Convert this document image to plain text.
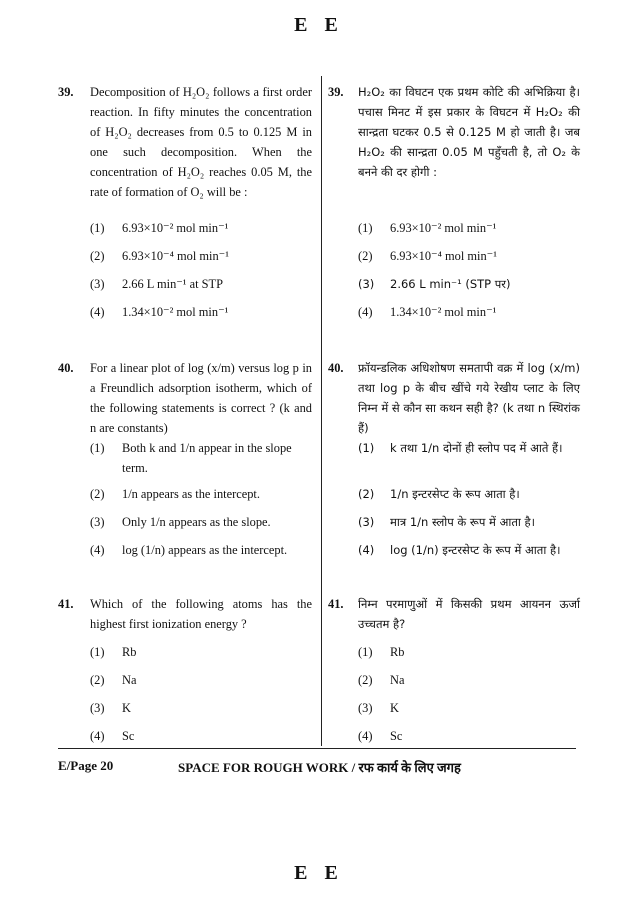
E E
39. Decomposition of H₂O₂ follows a first order reaction. In fifty minutes the concentration of H₂O₂ decreases from 0.5 to 0.125 M in one such decomposition. When the concentration of H₂O₂ reaches 0.05 M, the rate of formation of O₂ will be :
(1) 6.93×10⁻² mol min⁻¹
(2) 6.93×10⁻⁴ mol min⁻¹
(3) 2.66 L min⁻¹ at STP
(4) 1.34×10⁻² mol min⁻¹
39. H₂O₂ का विघटन एक प्रथम कोटि की अभिक्रिया है। पचास मिनट में इस प्रकार के विघटन में H₂O₂ की सान्द्रता घटकर 0.5 से 0.125 M हो जाती है। जब H₂O₂ की सान्द्रता 0.05 M पहुँचती है, तो O₂ के बनने की दर होगी :
(1) 6.93×10⁻² mol min⁻¹
(2) 6.93×10⁻⁴ mol min⁻¹
(3) 2.66 L min⁻¹ (STP पर)
(4) 1.34×10⁻² mol min⁻¹
40. For a linear plot of log (x/m) versus log p in a Freundlich adsorption isotherm, which of the following statements is correct ? (k and n are constants)
(1) Both k and 1/n appear in the slope term.
(2) 1/n appears as the intercept.
(3) Only 1/n appears as the slope.
(4) log (1/n) appears as the intercept.
40. फ्रॉयन्डलिक अधिशोषण समतापी वक्र में log (x/m) तथा log p के बीच खींचे गये रेखीय प्लाट के लिए निम्न में से कौन सा कथन सही है? (k तथा n स्थिरांक हैं)
(1) k तथा 1/n दोनों ही स्लोप पद में आते हैं।
(2) 1/n इन्टरसेप्ट के रूप आता है।
(3) मात्र 1/n स्लोप के रूप में आता है।
(4) log (1/n) इन्टरसेप्ट के रूप में आता है।
41. Which of the following atoms has the highest first ionization energy ?
(1) Rb
(2) Na
(3) K
(4) Sc
41. निम्न परमाणुओं में किसकी प्रथम आयनन ऊर्जा उच्चतम है?
(1) Rb
(2) Na
(3) K
(4) Sc
E/Page 20	SPACE FOR ROUGH WORK / रफ कार्य के लिए जगह
E E
